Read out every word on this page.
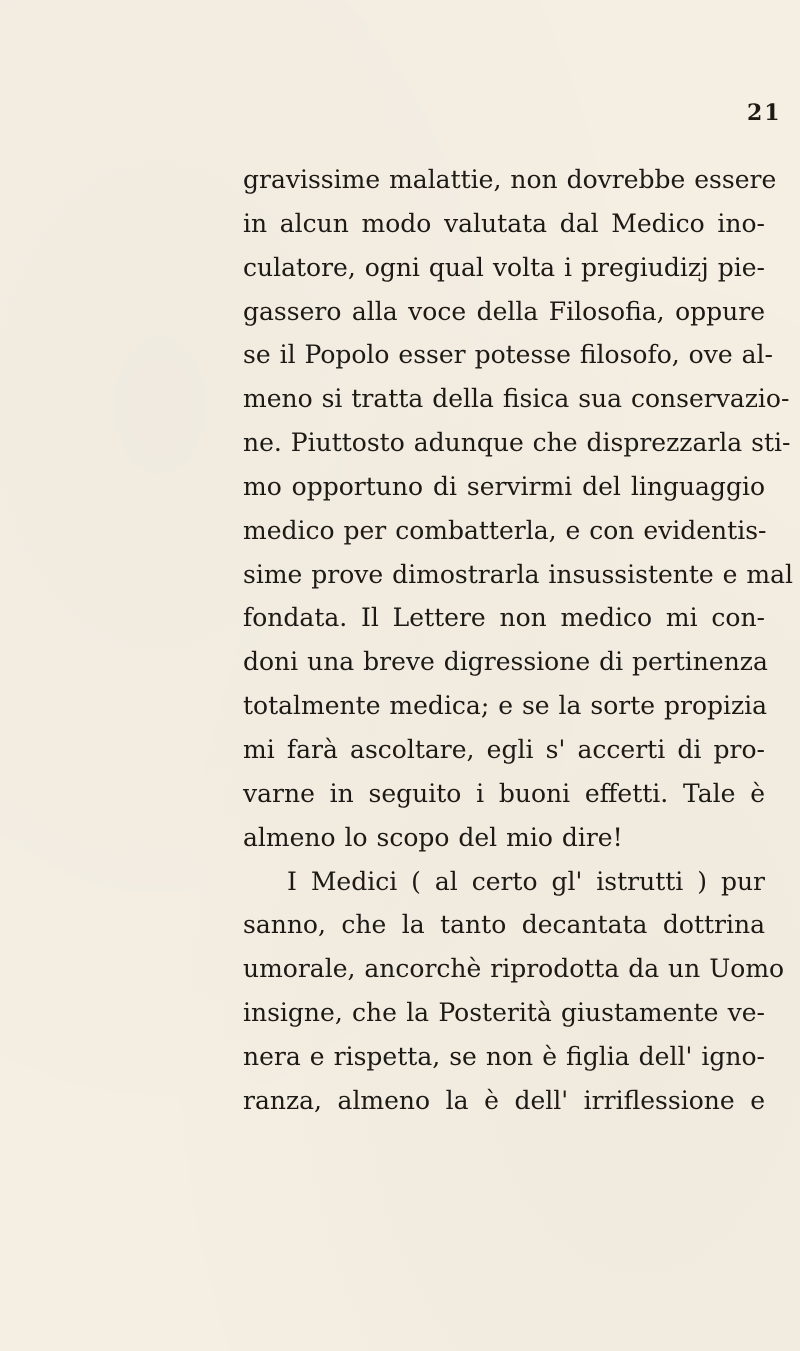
21
gravissime malattie, non dovrebbe essere
in alcun modo valutata dal Medico ino-
culatore, ogni qual volta i pregiudizj pie-
gassero alla voce della Filosofia, oppure
se il Popolo esser potesse filosofo, ove al-
meno si tratta della fisica sua conservazio-
ne. Piuttosto adunque che disprezzarla sti-
mo opportuno di servirmi del linguaggio
medico per combatterla, e con evidentis-
sime prove dimostrarla insussistente e mal
fondata. Il Lettere non medico mi con-
doni una breve digressione di pertinenza
totalmente medica; e se la sorte propizia
mi farà ascoltare, egli s' accerti di pro-
varne in seguito i buoni effetti. Tale è
almeno lo scopo del mio dire!
I Medici ( al certo gl' istrutti ) pur
sanno, che la tanto decantata dottrina
umorale, ancorchè riprodotta da un Uomo
insigne, che la Posterità giustamente ve-
nera e rispetta, se non è figlia dell' igno-
ranza, almeno la è dell' irriflessione e
